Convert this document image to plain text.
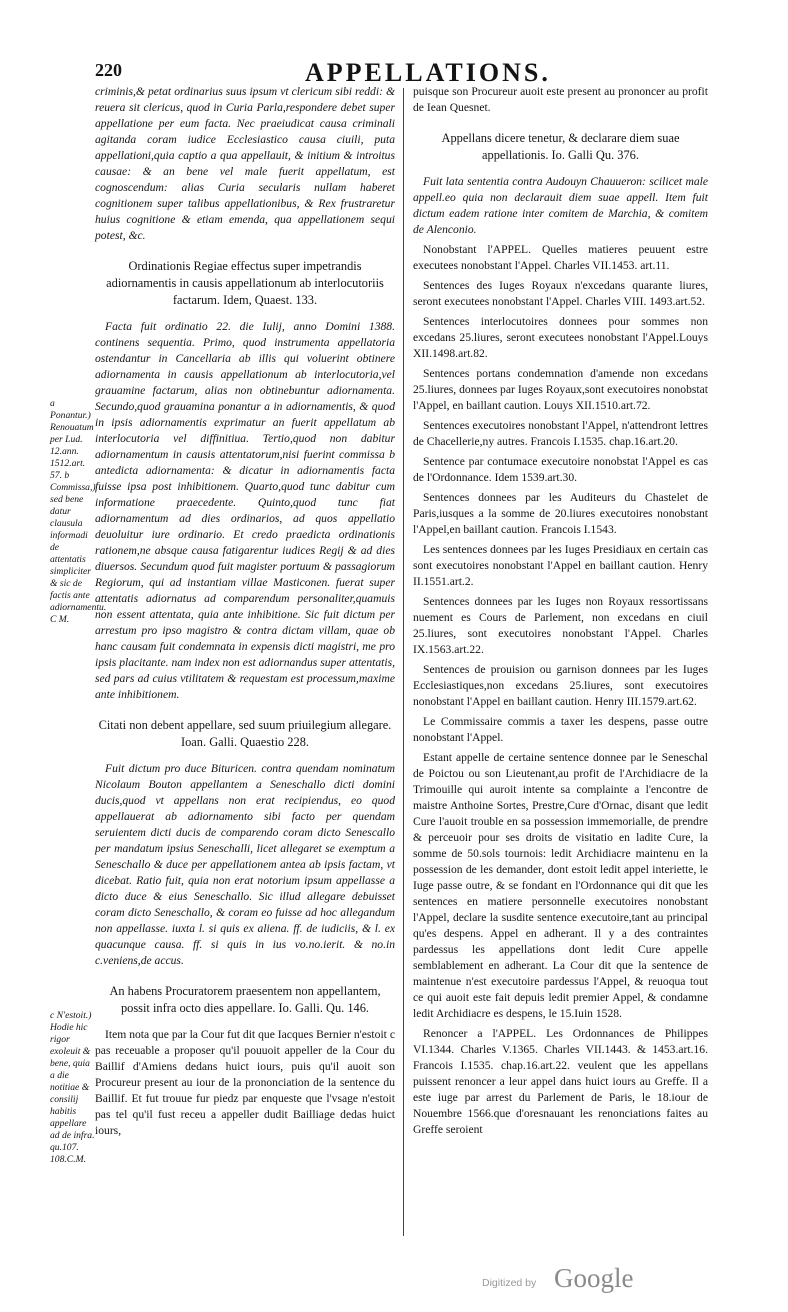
220	APPELLATIONS.

criminis,& petat ordinarius suus ipsum vt clericum sibi reddi: & reuera sit clericus, quod in Curia Parla,respondere debet super appellatione per eum facta. Nec praeiudicat causa criminali agitanda coram iudice Ecclesiastico causa ciuili, puta appellationi,quia captio a qua appellauit, & initium & introitus causae: & an bene vel male fuerit appellatum, est cognoscendum: alias Curia secularis nullam haberet cognitionem super talibus appellationibus, & Rex frustraretur huius cognitione & etiam emenda, qua appellationem sequi potest, &c.

Ordinationis Regiae effectus super impetrandis adiornamentis in causis appellationum ab interlocutoriis factarum. Idem, Quaest. 133.

Facta fuit ordinatio 22. die Iulij, anno Domini 1388. continens sequentia. Primo, quod instrumenta appellatoria ostendantur in Cancellaria ab illis qui voluerint obtinere adiornamenta in causis appellationum ab interlocutoria,vel grauamine factarum, alias non obtinebuntur adiornamenta. Secundo,quod grauamina ponantur a in adiornamentis, & quod in ipsis adiornamentis exprimatur an fuerit appellatum ab interlocutoria vel diffinitiua. Tertio,quod non dabitur adiornamentum in causis attentatorum,nisi fuerint commissa b antedicta adiornamenta: & dicatur in adiornamentis facta fuisse ipsa post inhibitionem. Quarto,quod tunc dabitur cum informatione praecedente. Quinto,quod tunc fiat adiornamentum ad dies ordinarios, ad quos appellatio deuoluitur iure ordinario. Et credo praedicta ordinationis rationem,ne absque causa fatigarentur iudices Regij & ad dies diuersos. Secundum quod fuit magister portuum & passagiorum Regiorum, qui ad instantiam villae Masticonen. fuerat super attentatis adiornatus ad comparendum personaliter,quamuis non essent attentata, quia ante inhibitione. Sic fuit dictum per arrestum pro ipso magistro & contra dictam villam, quae ob hanc causam fuit condemnata in expensis dicti magistri, me pro ipsis placitante. nam index non est adiornandus super attentatis, sed pars ad cuius vtilitatem & requestam est processum,maxime ante inhibitionem.

Citati non debent appellare, sed suum priuilegium allegare. Ioan. Galli. Quaestio 228.

Fuit dictum pro duce Bituricen. contra quendam nominatum Nicolaum Bouton appellantem a Seneschallo dicti domini ducis,quod vt appellans non erat recipiendus, eo quod appellauerat ab adiornamento sibi facto per quendam seruientem dicti ducis de comparendo coram dicto Senescallo per mandatum ipsius Seneschalli, licet allegaret se exemptum a Seneschallo & duce per appellationem antea ab ipsis factam, vt dicebat. Ratio fuit, quia non erat notorium ipsum appellasse a dicto duce & eius Seneschallo. Sic illud allegare debuisset coram dicto Seneschallo, & coram eo fuisse ad hoc allegandum non appellasse. iuxta l. si quis ex aliena. ff. de iudiciis, & l. ex quacunque causa. ff. si quis in ius vo.no.ierit. & no.in c.veniens,de accus.

An habens Procuratorem praesentem non appellantem, possit infra octo dies appellare. Io. Galli. Qu. 146.

Item nota que par la Cour fut dit que Iacques Bernier n'estoit c pas receuable a proposer qu'il pouuoit appeller de la Cour du Baillif d'Amiens dedans huict iours, puis qu'il auoit son Procureur present au iour de la prononciation de la sentence du Baillif. Et fut trouue fur piedz par enqueste que l'vsage n'estoit pas tel qu'il fust receu a appeller dudit Bailliage dedas huict iours,

a Ponantur.) Renouatum per Lud. 12.ann. 1512.art. 57. b Commissa,) sed bene datur clausula informadi de attentatis simpliciter & sic de factis ante adiornamentu. C M.
c N'estoit.) Hodie hic rigor exoleuit & bene, quia a die notitiae & consilij habitis appellare ad de infra. qu.107. 108.C.M.

puisque son Procureur auoit este present au prononcer au profit de Iean Quesnet.

Appellans dicere tenetur, & declarare diem suae appellationis. Io. Galli Qu. 376.

Fuit lata sententia contra Audouyn Chauueron: scilicet male appell.eo quia non declarauit diem suae appell. Item fuit dictum eadem ratione inter comitem de Marchia, & comitem de Alenconio.

Nonobstant l'APPEL. Quelles matieres peuuent estre executees nonobstant l'Appel. Charles VII.1453. art.11.

Sentences des Iuges Royaux n'excedans quarante liures, seront executees nonobstant l'Appel. Charles VIII. 1493.art.52.

Sentences interlocutoires donnees pour sommes non excedans 25.liures, seront executees nonobstant l'Appel.Louys XII.1498.art.82.

Sentences portans condemnation d'amende non excedans 25.liures, donnees par Iuges Royaux,sont executoires nonobstat l'Appel, en baillant caution. Louys XII.1510.art.72.

Sentences executoires nonobstant l'Appel, n'attendront lettres de Chacellerie,ny autres. Francois I.1535. chap.16.art.20.

Sentence par contumace executoire nonobstat l'Appel es cas de l'Ordonnance. Idem 1539.art.30.

Sentences donnees par les Auditeurs du Chastelet de Paris,iusques a la somme de 20.liures executoires nonobstant l'Appel,en baillant caution. Francois I.1543.

Les sentences donnees par les Iuges Presidiaux en certain cas sont executoires nonobstant l'Appel en baillant caution. Henry II.1551.art.2.

Sentences donnees par les Iuges non Royaux ressortissans nuement es Cours de Parlement, non excedans en ciuil 25.liures, sont executoires nonobstant l'Appel. Charles IX.1563.art.22.

Sentences de prouision ou garnison donnees par les Iuges Ecclesiastiques,non excedans 25.liures, sont executoires nonobstant l'Appel en baillant caution. Henry III.1579.art.62.

Le Commissaire commis a taxer les despens, passe outre nonobstant l'Appel.

Estant appelle de certaine sentence donnee par le Seneschal de Poictou ou son Lieutenant,au profit de l'Archidiacre de la Trimouille qui auroit intente sa complainte a l'encontre de maistre Anthoine Sortes, Prestre,Cure d'Ornac, disant que ledit Cure l'auoit trouble en sa possession immemorialle, de prendre & perceuoir pour ses droits de visitatio en ladite Cure, la somme de 50.sols tournois: ledit Archidiacre maintenu en la possession de les demander, dont estoit ledit appel interiette, le Iuge passe outre, & se fondant en l'Ordonnance qui dit que les sentences en matiere personnelle executoires nonobstant l'Appel, declare la susdite sentence executoire,tant au principal qu'es despens. Appel en adherant. Il y a des contraintes pardessus les appellations dont ledit Cure appelle semblablement en adherant. La Cour dit que la sentence de maintenue n'est executoire pardessus l'Appel, & reuoqua tout ce qui auoit este fait depuis ledit premier Appel, & condamne ledit Archidiacre es despens, le 15.Iuin 1528.

Renoncer a l'APPEL. Les Ordonnances de Philippes VI.1344. Charles V.1365. Charles VII.1443. & 1453.art.16. Francois I.1535. chap.16.art.22. veulent que les appellans puissent renoncer a leur appel dans huict iours au Greffe. Il a este iuge par arrest du Parlement de Paris, le 18.iour de Nouembre 1566.que d'oresnauant les renonciations faites au Greffe seroient

Digitized by Google
